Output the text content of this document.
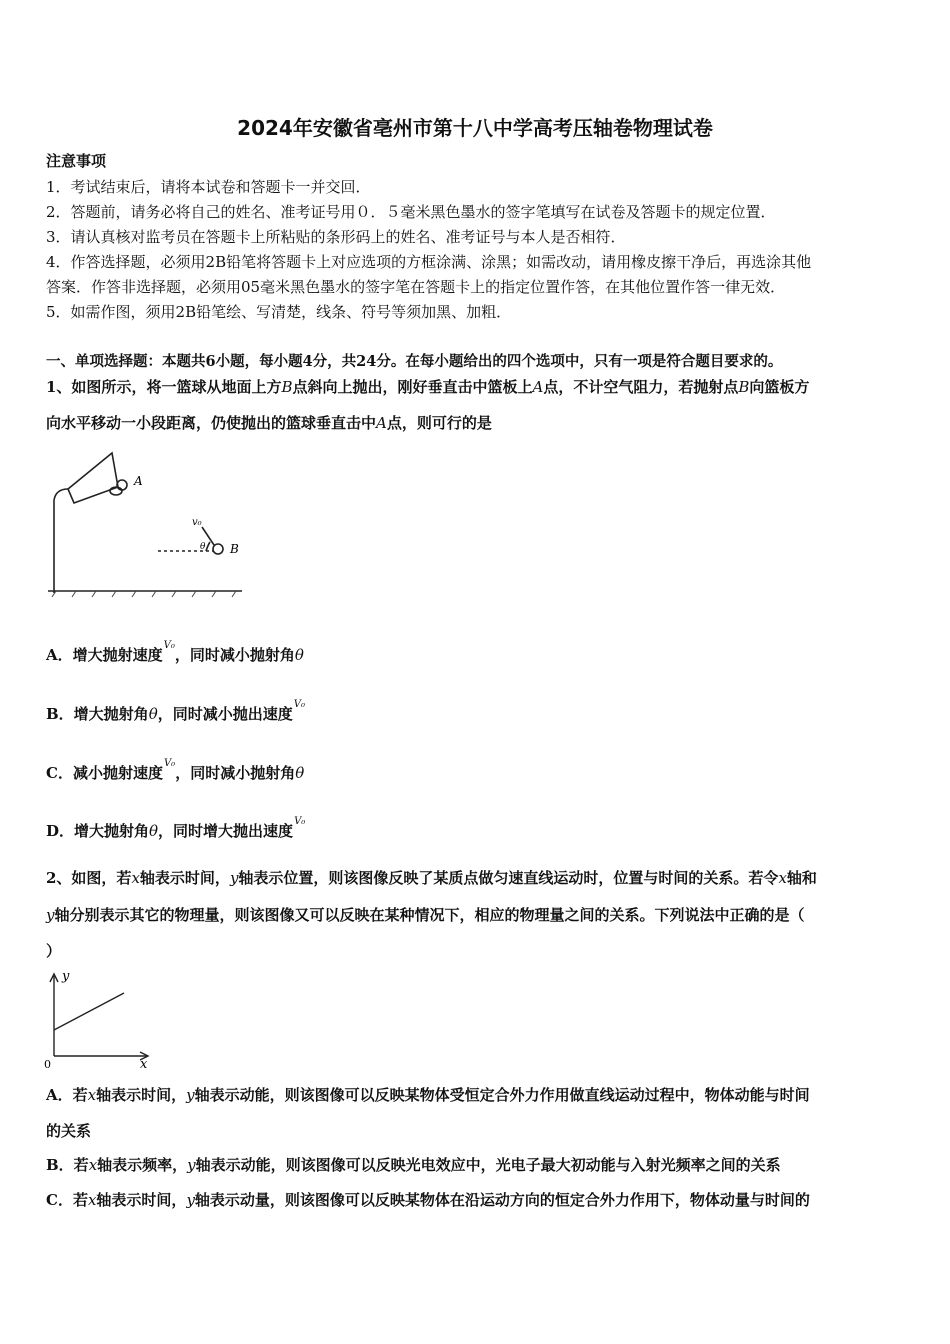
2024年安徽省亳州市第十八中学高考压轴卷物理试卷
注意事项
1．考试结束后，请将本试卷和答题卡一并交回．
2．答题前，请务必将自己的姓名、准考证号用０．５毫米黑色墨水的签字笔填写在试卷及答题卡的规定位置．
3．请认真核对监考员在答题卡上所粘贴的条形码上的姓名、准考证号与本人是否相符．
4．作答选择题，必须用2B铅笔将答题卡上对应选项的方框涂满、涂黑；如需改动，请用橡皮擦干净后，再选涂其他
答案．作答非选择题，必须用05毫米黑色墨水的签字笔在答题卡上的指定位置作答，在其他位置作答一律无效．
5．如需作图，须用2B铅笔绘、写清楚，线条、符号等须加黑、加粗．
一、单项选择题：本题共6小题，每小题4分，共24分。在每小题给出的四个选项中，只有一项是符合题目要求的。
1、如图所示，将一篮球从地面上方B点斜向上抛出，刚好垂直击中篮板上A点，不计空气阻力，若抛射点B向篮板方
向水平移动一小段距离，仍使抛出的篮球垂直击中A点，则可行的是
A
B
v₀
θ
A．增大抛射速度$^{V_0}$，同时减小抛射角θ
B．增大抛射角θ，同时减小抛出速度$^{V_0}$
C．减小抛射速度$^{V_0}$，同时减小抛射角θ
D．增大抛射角θ，同时增大抛出速度$^{V_0}$
2、如图，若x轴表示时间，y轴表示位置，则该图像反映了某质点做匀速直线运动时，位置与时间的关系。若令x轴和
y轴分别表示其它的物理量，则该图像又可以反映在某种情况下，相应的物理量之间的关系。下列说法中正确的是（
）
y
x
0
A．若x轴表示时间，y轴表示动能，则该图像可以反映某物体受恒定合外力作用做直线运动过程中，物体动能与时间
的关系
B．若x轴表示频率，y轴表示动能，则该图像可以反映光电效应中，光电子最大初动能与入射光频率之间的关系
C．若x轴表示时间，y轴表示动量，则该图像可以反映某物体在沿运动方向的恒定合外力作用下，物体动量与时间的
